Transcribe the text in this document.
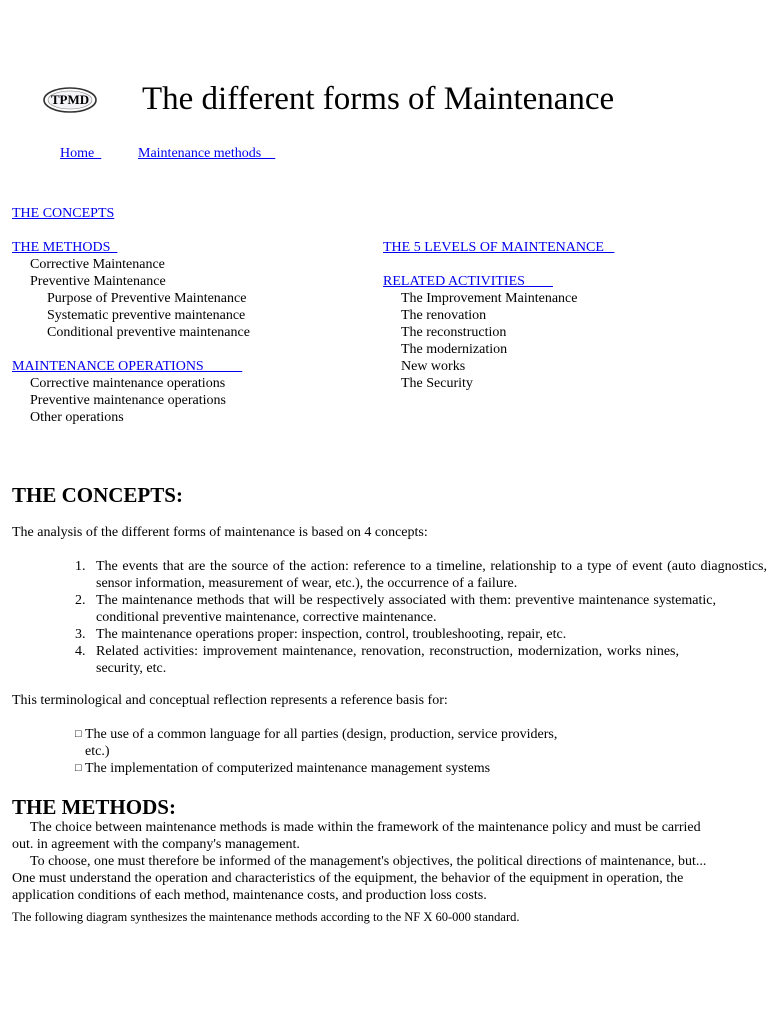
TPMD The different forms of Maintenance
Home	Maintenance methods
THE CONCEPTS
THE METHODS
Corrective Maintenance
Preventive Maintenance
Purpose of Preventive Maintenance
Systematic preventive maintenance
Conditional preventive maintenance
MAINTENANCE OPERATIONS
Corrective maintenance operations
Preventive maintenance operations
Other operations
THE 5 LEVELS OF MAINTENANCE
RELATED ACTIVITIES
The Improvement Maintenance
The renovation
The reconstruction
The modernization
New works
The Security
THE CONCEPTS:
The analysis of the different forms of maintenance is based on 4 concepts:
1. The events that are the source of the action: reference to a timeline, relationship to a type of event (auto diagnostics, sensor information, measurement of wear, etc.), the occurrence of a failure.
2. The maintenance methods that will be respectively associated with them: preventive maintenance systematic, conditional preventive maintenance, corrective maintenance.
3. The maintenance operations proper: inspection, control, troubleshooting, repair, etc.
4. Related activities: improvement maintenance, renovation, reconstruction, modernization, works nines, security, etc.
This terminological and conceptual reflection represents a reference basis for:
□ The use of a common language for all parties (design, production, service providers, etc.)
□ The implementation of computerized maintenance management systems
THE METHODS:
The choice between maintenance methods is made within the framework of the maintenance policy and must be carried out. in agreement with the company's management.
To choose, one must therefore be informed of the management's objectives, the political directions of maintenance, but... One must understand the operation and characteristics of the equipment, the behavior of the equipment in operation, the application conditions of each method, maintenance costs, and production loss costs.
The following diagram synthesizes the maintenance methods according to the NF X 60-000 standard.
